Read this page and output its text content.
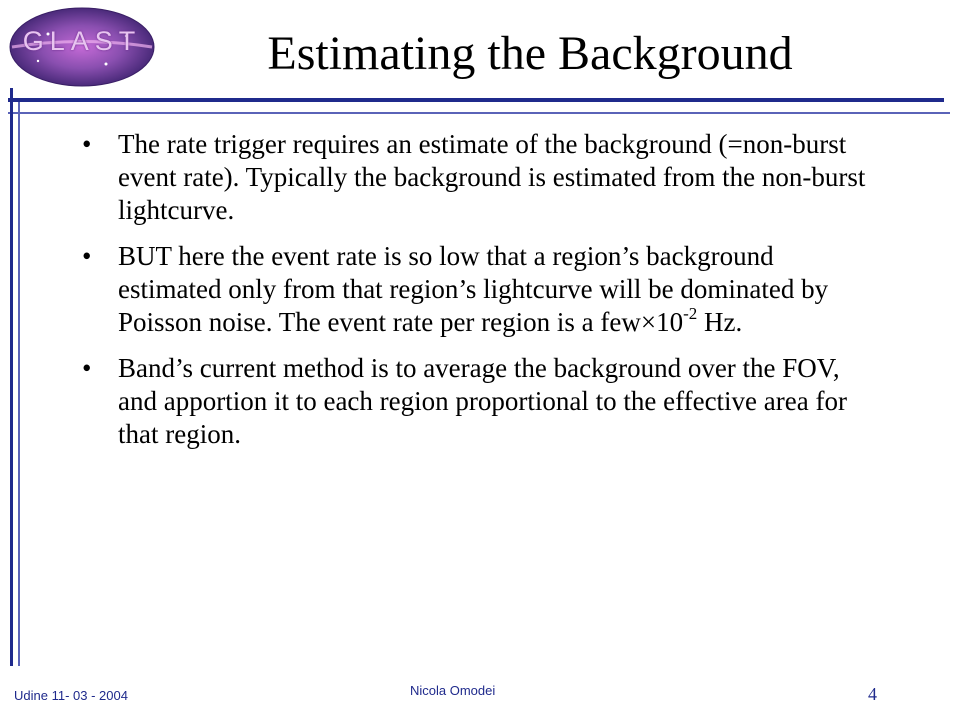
GLAST	Estimating the Background
• The rate trigger requires an estimate of the background (=non-burst event rate). Typically the background is estimated from the non-burst lightcurve.
• BUT here the event rate is so low that a region’s background estimated only from that region’s lightcurve will be dominated by Poisson noise. The event rate per region is a $few\times 10^{-2}$ Hz.
• Band’s current method is to average the background over the FOV, and apportion it to each region proportional to the effective area for that region.
Udine 11- 03 - 2004	Nicola Omodei	4
